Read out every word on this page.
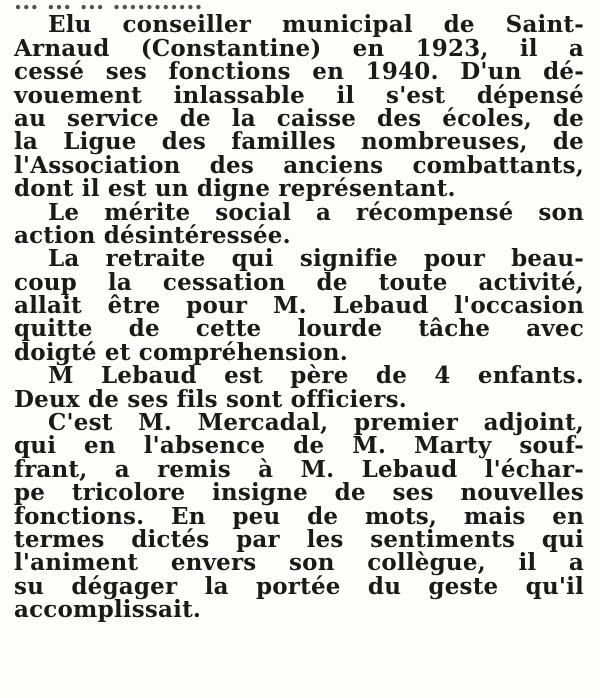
... ... ... ...........
Elu conseiller municipal de Saint-
Arnaud (Constantine) en 1923, il a
cessé ses fonctions en 1940. D'un dé-
vouement inlassable il s'est dépensé
au service de la caisse des écoles, de
la Ligue des familles nombreuses, de
l'Association des anciens combattants,
dont il est un digne représentant.
Le mérite social a récompensé son
action désintéressée.
La retraite qui signifie pour beau-
coup la cessation de toute activité,
allait être pour M. Lebaud l'occasion
quitte de cette lourde tâche avec
doigté et compréhension.
M Lebaud est père de 4 enfants.
Deux de ses fils sont officiers.
C'est M. Mercadal, premier adjoint,
qui en l'absence de M. Marty souf-
frant, a remis à M. Lebaud l'échar-
pe tricolore insigne de ses nouvelles
fonctions. En peu de mots, mais en
termes dictés par les sentiments qui
l'animent envers son collègue, il a
su dégager la portée du geste qu'il
accomplissait.
